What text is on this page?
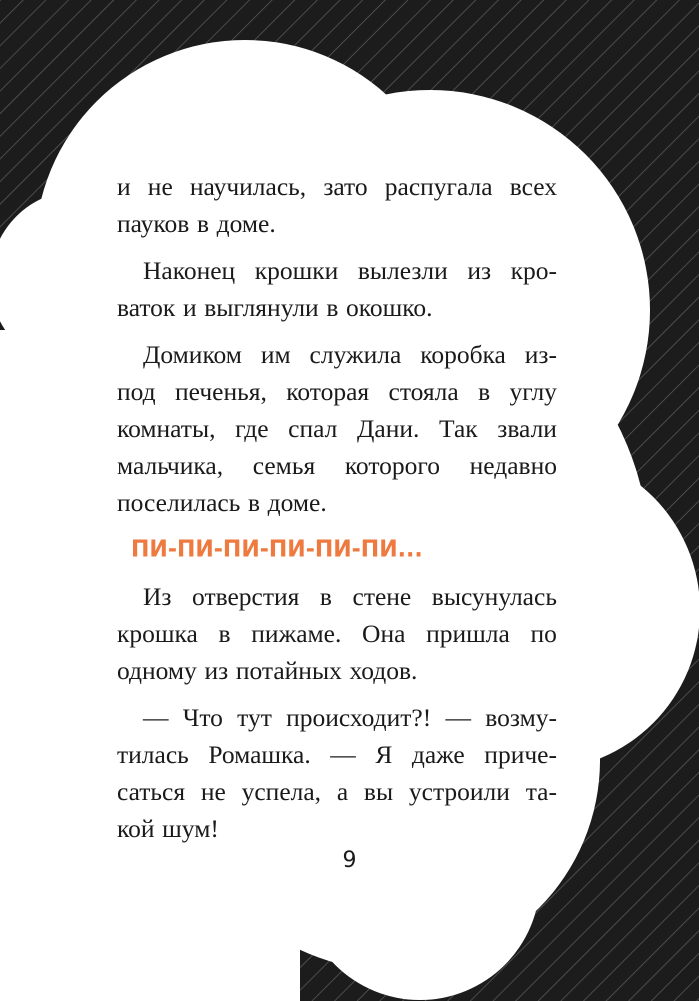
и не научилась, зато распугала всех
пауков в доме.
Наконец крошки вылезли из кро-
ваток и выглянули в окошко.
Домиком им служила коробка из-
под печенья, которая стояла в углу
комнаты, где спал Дани. Так звали
мальчика, семья которого недавно
поселилась в доме.
ПИ-ПИ-ПИ-ПИ-ПИ-ПИ...
Из отверстия в стене высунулась
крошка в пижаме. Она пришла по
одному из потайных ходов.
— Что тут происходит?! — возму-
тилась Ромашка. — Я даже приче-
саться не успела, а вы устроили та-
кой шум!
9
